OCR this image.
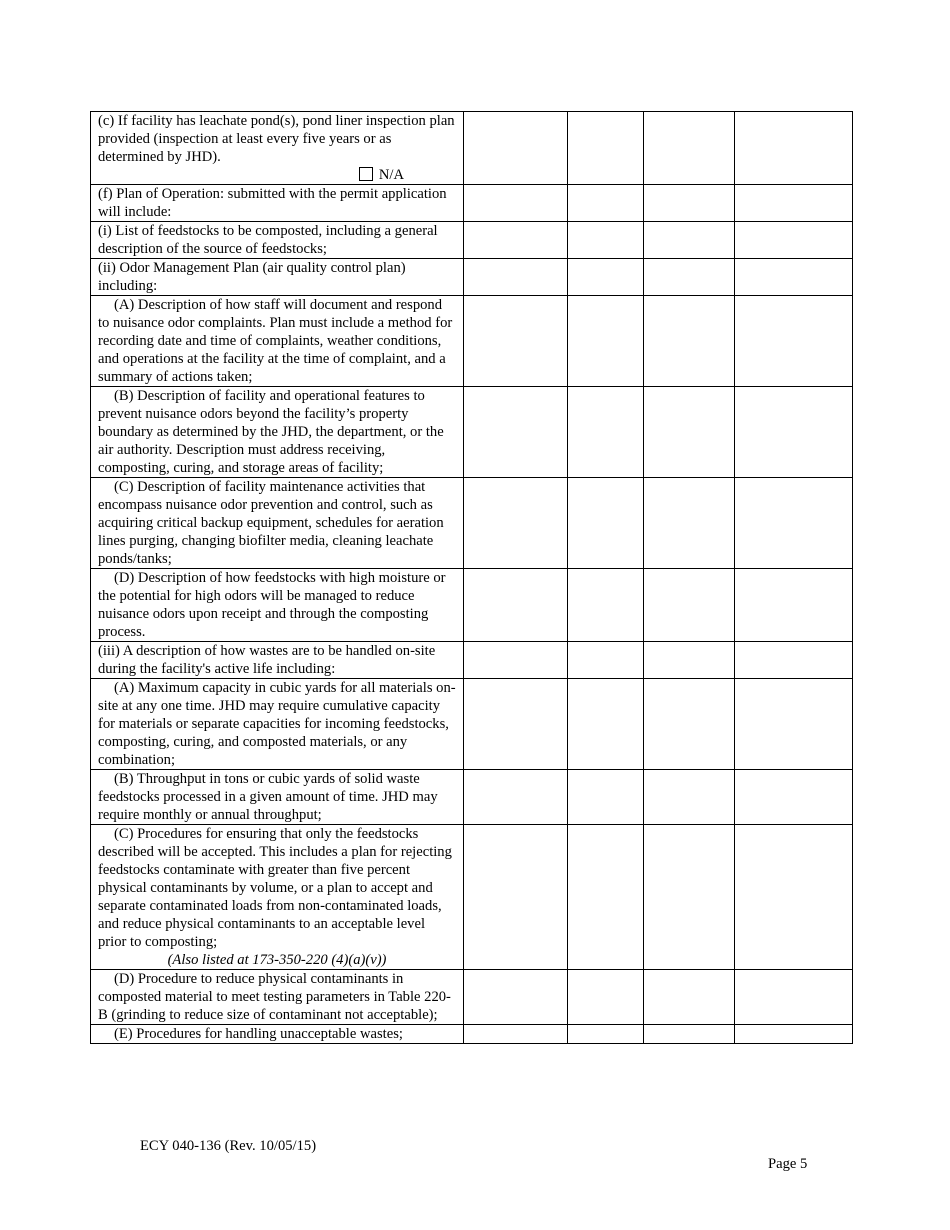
(c) If facility has leachate pond(s), pond liner inspection plan provided (inspection at least every five years or as determined by JHD).
N/A				

(f) Plan of Operation: submitted with the permit application will include:				
(i) List of feedstocks to be composted, including a general description of the source of feedstocks;				
(ii) Odor Management Plan (air quality control plan) including:				
(A) Description of how staff will document and respond to nuisance odor complaints. Plan must include a method for recording date and time of complaints, weather conditions, and operations at the facility at the time of complaint, and a summary of actions taken;				
(B) Description of facility and operational features to prevent nuisance odors beyond the facility’s property boundary as determined by the JHD, the department, or the air authority. Description must address receiving, composting, curing, and storage areas of facility;				
(C) Description of facility maintenance activities that encompass nuisance odor prevention and control, such as acquiring critical backup equipment, schedules for aeration lines purging, changing biofilter media, cleaning leachate ponds/tanks;				
(D) Description of how feedstocks with high moisture or the potential for high odors will be managed to reduce nuisance odors upon receipt and through the composting process.				
(iii) A description of how wastes are to be handled on-site during the facility's active life including:				
(A) Maximum capacity in cubic yards for all materials on-site at any one time. JHD may require cumulative capacity for materials or separate capacities for incoming feedstocks, composting, curing, and composted materials, or any combination;				
(B) Throughput in tons or cubic yards of solid waste feedstocks processed in a given amount of time. JHD may require monthly or annual throughput;				

(C) Procedures for ensuring that only the feedstocks described will be accepted. This includes a plan for rejecting feedstocks contaminate with greater than five percent physical contaminants by volume, or a plan to accept and separate contaminated loads from non-contaminated loads, and reduce physical contaminants to an acceptable level prior to composting;
(Also listed at 173-350-220 (4)(a)(v))				

(D) Procedure to reduce physical contaminants in composted material to meet testing parameters in Table 220-B (grinding to reduce size of contaminant not acceptable);				
(E) Procedures for handling unacceptable wastes;				
ECY 040-136 (Rev. 10/05/15)
Page 5
